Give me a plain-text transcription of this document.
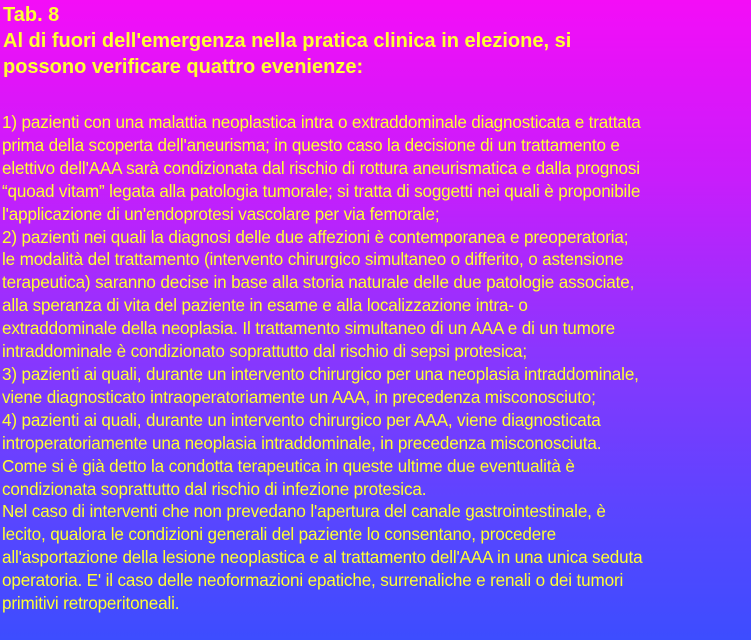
Tab. 8
Al di fuori dell'emergenza nella pratica clinica in elezione, si
possono verificare quattro evenienze:
1) pazienti con una malattia neoplastica intra o extraddominale diagnosticata e trattata
prima della scoperta dell'aneurisma; in questo caso la decisione di un trattamento e
elettivo dell'AAA sarà condizionata dal rischio di rottura aneurismatica e dalla prognosi
“quoad vitam” legata alla patologia tumorale; si tratta di soggetti nei quali è proponibile
l'applicazione di un'endoprotesi vascolare per via femorale;
2) pazienti nei quali la diagnosi delle due affezioni è contemporanea e preoperatoria;
le modalità del trattamento (intervento chirurgico simultaneo o differito, o astensione
terapeutica) saranno decise in base alla storia naturale delle due patologie associate,
alla speranza di vita del paziente in esame e alla localizzazione intra- o
extraddominale della neoplasia. Il trattamento simultaneo di un AAA e di un tumore
intraddominale è condizionato soprattutto dal rischio di sepsi protesica;
3) pazienti ai quali, durante un intervento chirurgico per una neoplasia intraddominale,
viene diagnosticato intraoperatoriamente un AAA, in precedenza misconosciuto;
4) pazienti ai quali, durante un intervento chirurgico per AAA, viene diagnosticata
introperatoriamente una neoplasia intraddominale, in precedenza misconosciuta.
Come si è già detto la condotta terapeutica in queste ultime due eventualità è
condizionata soprattutto dal rischio di infezione protesica.
Nel caso di interventi che non prevedano l'apertura del canale gastrointestinale, è
lecito, qualora le condizioni generali del paziente lo consentano, procedere
all'asportazione della lesione neoplastica e al trattamento dell'AAA in una unica seduta
operatoria. E' il caso delle neoformazioni epatiche, surrenaliche e renali o dei tumori
primitivi retroperitoneali.
